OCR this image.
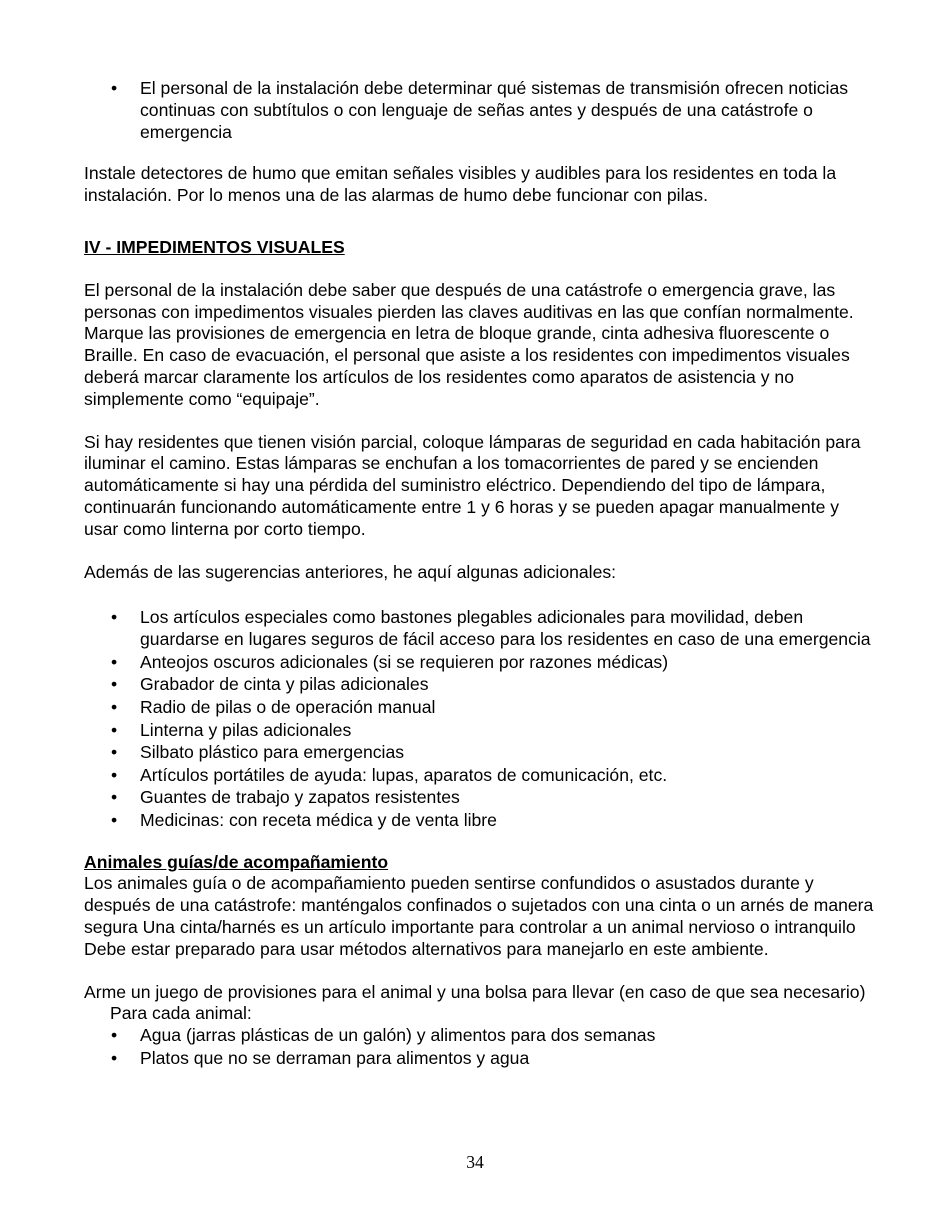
• El personal de la instalación debe determinar qué sistemas de transmisión ofrecen noticias continuas con subtítulos o con lenguaje de señas antes y después de una catástrofe o emergencia

Instale detectores de humo que emitan señales visibles y audibles para los residentes en toda la instalación. Por lo menos una de las alarmas de humo debe funcionar con pilas.

IV - IMPEDIMENTOS VISUALES

El personal de la instalación debe saber que después de una catástrofe o emergencia grave, las personas con impedimentos visuales pierden las claves auditivas en las que confían normalmente. Marque las provisiones de emergencia en letra de bloque grande, cinta adhesiva fluorescente o Braille. En caso de evacuación, el personal que asiste a los residentes con impedimentos visuales deberá marcar claramente los artículos de los residentes como aparatos de asistencia y no simplemente como “equipaje”.

Si hay residentes que tienen visión parcial, coloque lámparas de seguridad en cada habitación para iluminar el camino. Estas lámparas se enchufan a los tomacorrientes de pared y se encienden automáticamente si hay una pérdida del suministro eléctrico. Dependiendo del tipo de lámpara, continuarán funcionando automáticamente entre 1 y 6 horas y se pueden apagar manualmente y usar como linterna por corto tiempo.

Además de las sugerencias anteriores, he aquí algunas adicionales:

• Los artículos especiales como bastones plegables adicionales para movilidad, deben guardarse en lugares seguros de fácil acceso para los residentes en caso de una emergencia
• Anteojos oscuros adicionales (si se requieren por razones médicas)
• Grabador de cinta y pilas adicionales
• Radio de pilas o de operación manual
• Linterna y pilas adicionales
• Silbato plástico para emergencias
• Artículos portátiles de ayuda: lupas, aparatos de comunicación, etc.
• Guantes de trabajo y zapatos resistentes
• Medicinas: con receta médica y de venta libre

Animales guías/de acompañamiento

Los animales guía o de acompañamiento pueden sentirse confundidos o asustados durante y después de una catástrofe: manténgalos confinados o sujetados con una cinta o un arnés de manera segura Una cinta/harnés es un artículo importante para controlar a un animal nervioso o intranquilo Debe estar preparado para usar métodos alternativos para manejarlo en este ambiente.

Arme un juego de provisiones para el animal y una bolsa para llevar (en caso de que sea necesario)

Para cada animal:

• Agua (jarras plásticas de un galón) y alimentos para dos semanas
• Platos que no se derraman para alimentos y agua
34
